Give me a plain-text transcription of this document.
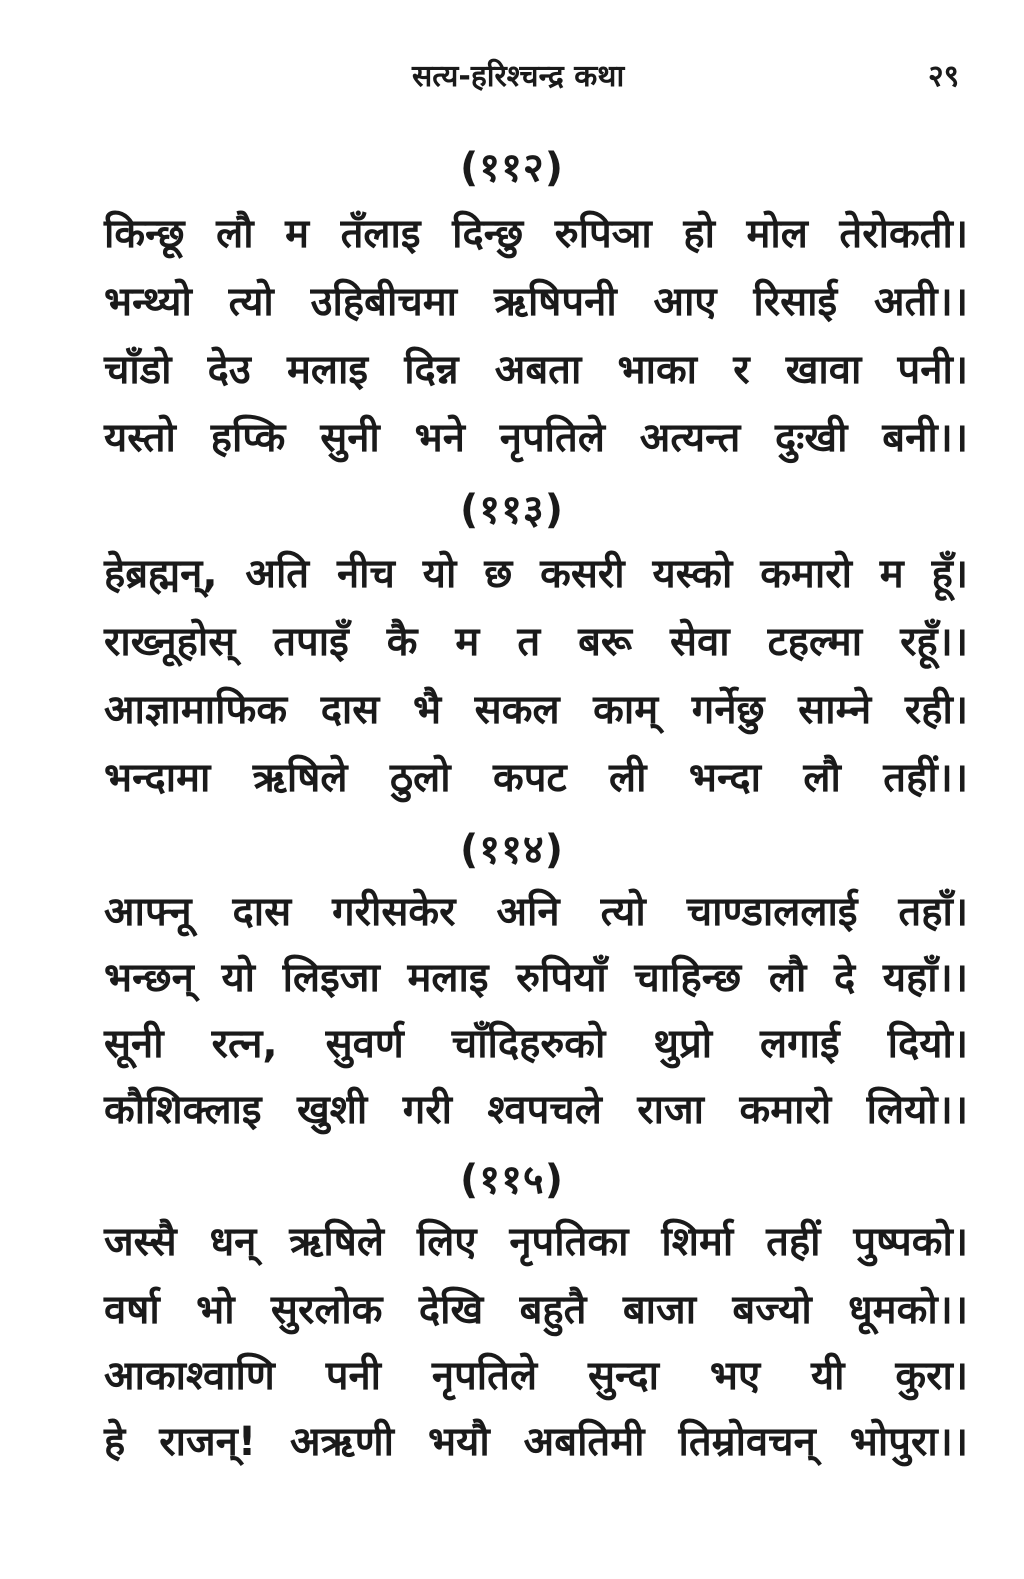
सत्य-हरिश्चन्द्र कथा	२९
(११२)
किन्छू लौ म तँलाइ दिन्छु रुपिञा हो मोल तेरोकती।
भन्थ्यो त्यो उहिबीचमा ऋषिपनी आए रिसाई अती।।
चाँडो देउ मलाइ दिन्न अबता भाका र खावा पनी।
यस्तो हप्कि सुनी भने नृपतिले अत्यन्त दुःखी बनी।।
(११३)
हेब्रह्मन्, अति नीच यो छ कसरी यस्को कमारो म हूँ।
राख्नूहोस् तपाइँ कै म त बरू सेवा टहल्मा रहूँ।।
आज्ञामाफिक दास भै सकल काम् गर्नेछु साम्ने रही।
भन्दामा ऋषिले ठुलो कपट ली भन्दा लौ तहीं।।
(११४)
आफ्नू दास गरीसकेर अनि त्यो चाण्डाललाई तहाँ।
भन्छन् यो लिइजा मलाइ रुपियाँ चाहिन्छ लौ दे यहाँ।।
सूनी रत्न, सुवर्ण चाँदिहरुको थुप्रो लगाई दियो।
कौशिक्लाइ खुशी गरी श्वपचले राजा कमारो लियो।।
(११५)
जस्सै धन् ऋषिले लिए नृपतिका शिर्मा तहीं पुष्पको।
वर्षा भो सुरलोक देखि बहुतै बाजा बज्यो धूमको।।
आकाश्वाणि पनी नृपतिले सुन्दा भए यी कुरा।
हे राजन्! अऋणी भयौ अबतिमी तिम्रोवचन् भोपुरा।।
